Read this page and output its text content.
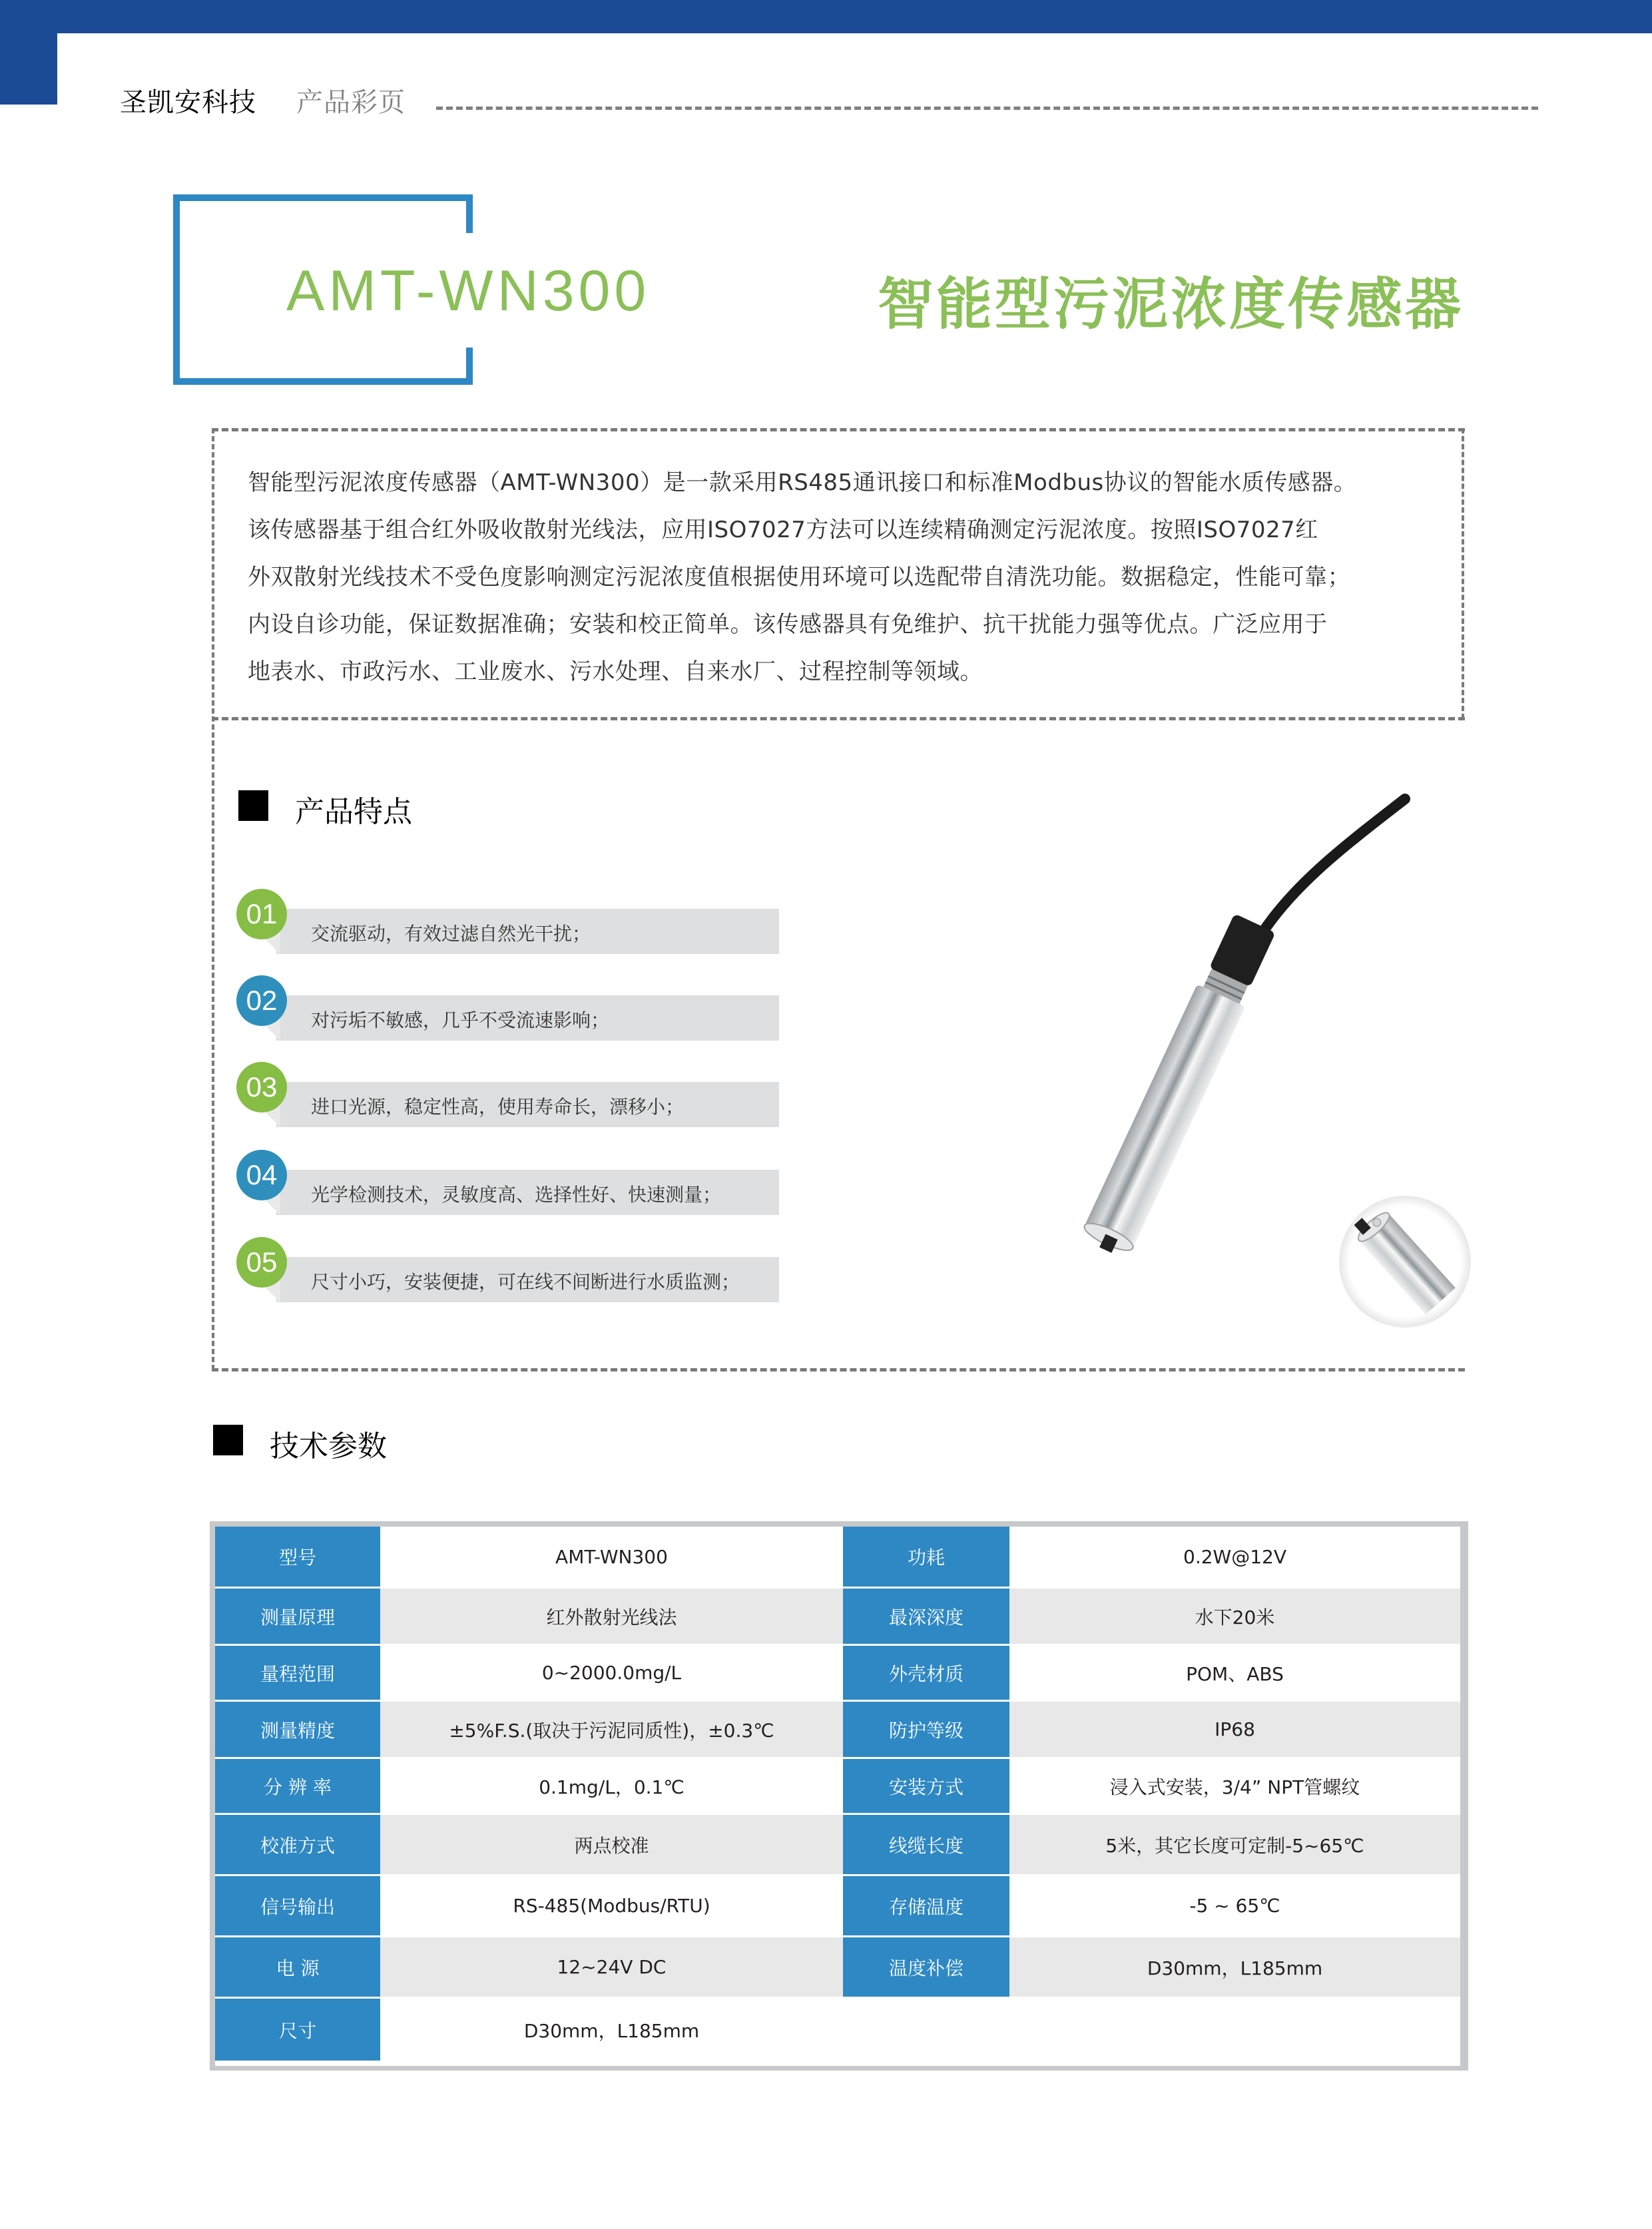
圣凯安科技 产品彩页
AMT-WN300	智能型污泥浓度传感器
智能型污泥浓度传感器（AMT-WN300）是一款采用RS485通讯接口和标准Modbus协议的智能水质传感器。
该传感器基于组合红外吸收散射光线法，应用ISO7027方法可以连续精确测定污泥浓度。按照ISO7027红
外双散射光线技术不受色度影响测定污泥浓度值根据使用环境可以选配带自清洗功能。数据稳定，性能可靠；
内设自诊功能，保证数据准确；安装和校正简单。该传感器具有免维护、抗干扰能力强等优点。广泛应用于
地表水、市政污水、工业废水、污水处理、自来水厂、过程控制等领域。
产品特点
01
交流驱动，有效过滤自然光干扰；
02
对污垢不敏感，几乎不受流速影响；
03
进口光源，稳定性高，使用寿命长，漂移小；
04
光学检测技术，灵敏度高、选择性好、快速测量；
05
尺寸小巧，安装便捷，可在线不间断进行水质监测；
技术参数
型号	AMT-WN300	功耗	0.2W@12V
测量原理	红外散射光线法	最深深度	水下20米
量程范围	0~2000.0mg/L	外壳材质	POM、ABS
测量精度	±5%F.S.(取决于污泥同质性)，±0.3℃	防护等级	IP68
分 辨 率	0.1mg/L，0.1℃	安装方式	浸入式安装，3/4” NPT管螺纹
校准方式	两点校准	线缆长度	5米，其它长度可定制-5~65℃
信号输出	RS-485(Modbus/RTU)	存储温度	-5 ~ 65℃
电 源	12~24V DC	温度补偿	D30mm，L185mm
尺寸	D30mm，L185mm
